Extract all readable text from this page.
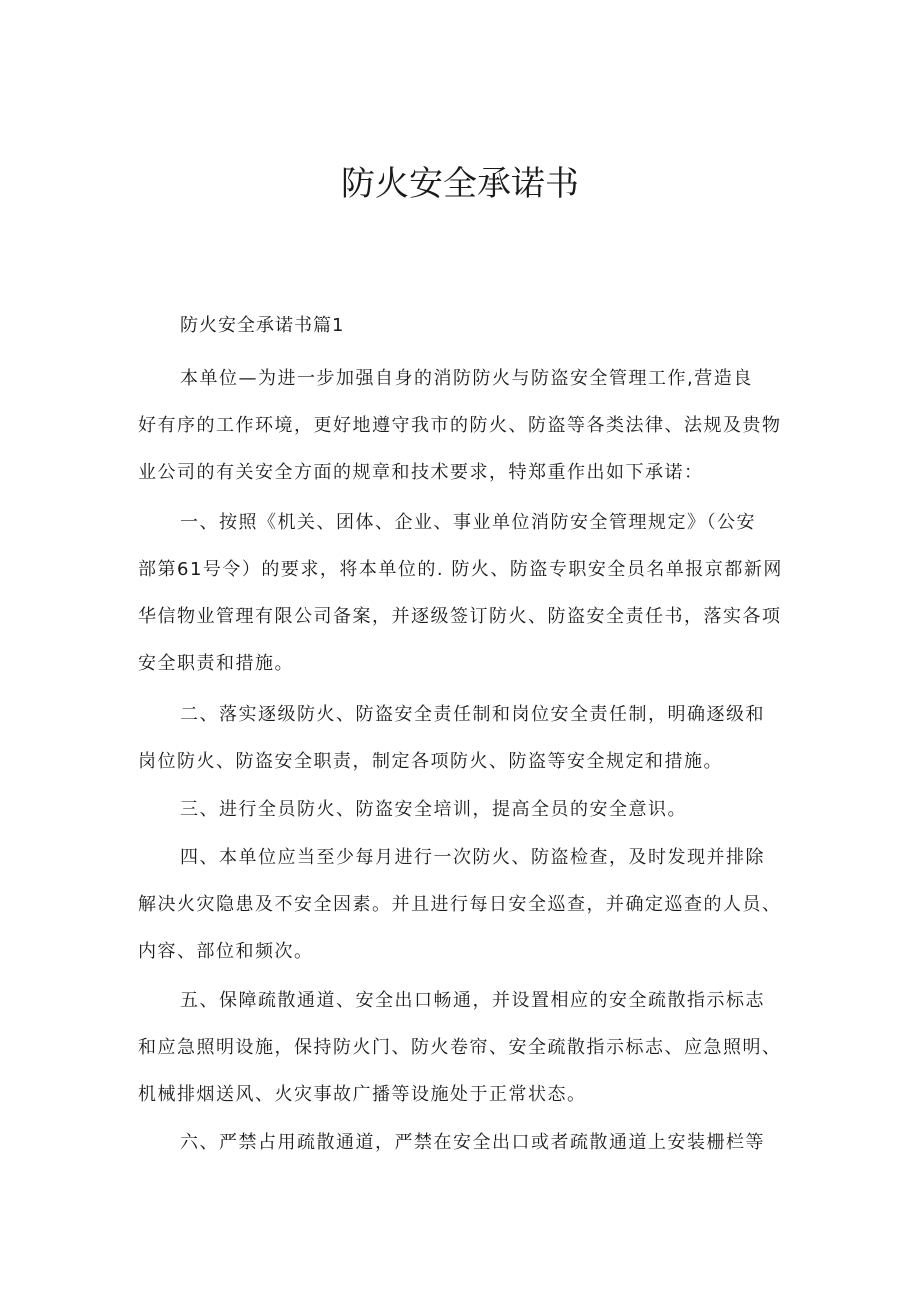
防火安全承诺书

防火安全承诺书篇1

本单位—为进一步加强自身的消防防火与防盗安全管理工作,营造良
好有序的工作环境，更好地遵守我市的防火、防盗等各类法律、法规及贵物
业公司的有关安全方面的规章和技术要求，特郑重作出如下承诺：
一、按照《机关、团体、企业、事业单位消防安全管理规定》（公安
部第61号令）的要求，将本单位的. 防火、防盗专职安全员名单报京都新网
华信物业管理有限公司备案，并逐级签订防火、防盗安全责任书，落实各项
安全职责和措施。
二、落实逐级防火、防盗安全责任制和岗位安全责任制，明确逐级和
岗位防火、防盗安全职责，制定各项防火、防盗等安全规定和措施。
三、进行全员防火、防盗安全培训，提高全员的安全意识。
四、本单位应当至少每月进行一次防火、防盗检查，及时发现并排除
解决火灾隐患及不安全因素。并且进行每日安全巡查，并确定巡查的人员、
内容、部位和频次。
五、保障疏散通道、安全出口畅通，并设置相应的安全疏散指示标志
和应急照明设施，保持防火门、防火卷帘、安全疏散指示标志、应急照明、
机械排烟送风、火灾事故广播等设施处于正常状态。
六、严禁占用疏散通道，严禁在安全出口或者疏散通道上安装栅栏等
